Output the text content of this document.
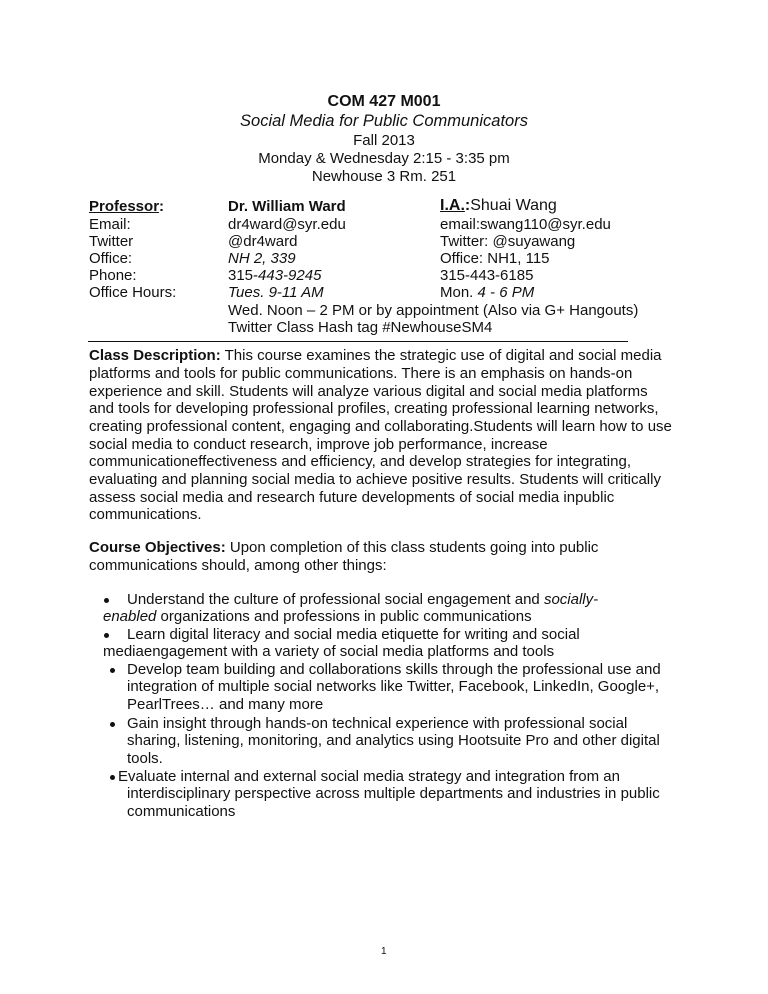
COM 427 M001
Social Media for Public Communicators
Fall 2013
Monday & Wednesday 2:15 - 3:35 pm
Newhouse 3 Rm. 251
Professor:
Email:
Twitter
Office:
Phone:
Office Hours:
Dr. William Ward
dr4ward@syr.edu
@dr4ward
NH 2, 339
315-443-9245
Tues. 9-11 AM
Wed. Noon – 2 PM or by appointment (Also via G+ Hangouts)
Twitter Class Hash tag #NewhouseSM4
I.A.:Shuai Wang
email:swang110@syr.edu
Twitter: @suyawang
Office: NH1, 115
315-443-6185
Mon. 4 - 6 PM
Class Description: This course examines the strategic use of digital and social media
platforms and tools for public communications. There is an emphasis on hands-on
experience and skill. Students will analyze various digital and social media platforms
and tools for developing professional profiles, creating professional learning networks,
creating professional content, engaging and collaborating.Students will learn how to use
social media to conduct research, improve job performance, increase
communicationeffectiveness and efficiency, and develop strategies for integrating,
evaluating and planning social media to achieve positive results. Students will critically
assess social media and research future developments of social media inpublic
communications.
Course Objectives: Upon completion of this class students going into public
communications should, among other things:
Understand the culture of professional social engagement and socially-
enabled organizations and professions in public communications
Learn digital literacy and social media etiquette for writing and social
mediaengagement with a variety of social media platforms and tools
Develop team building and collaborations skills through the professional use and
integration of multiple social networks like Twitter, Facebook, LinkedIn, Google+,
PearlTrees… and many more
Gain insight through hands-on technical experience with professional social
sharing, listening, monitoring, and analytics using Hootsuite Pro and other digital
tools.
Evaluate internal and external social media strategy and integration from an
interdisciplinary perspective across multiple departments and industries in public
communications
1
